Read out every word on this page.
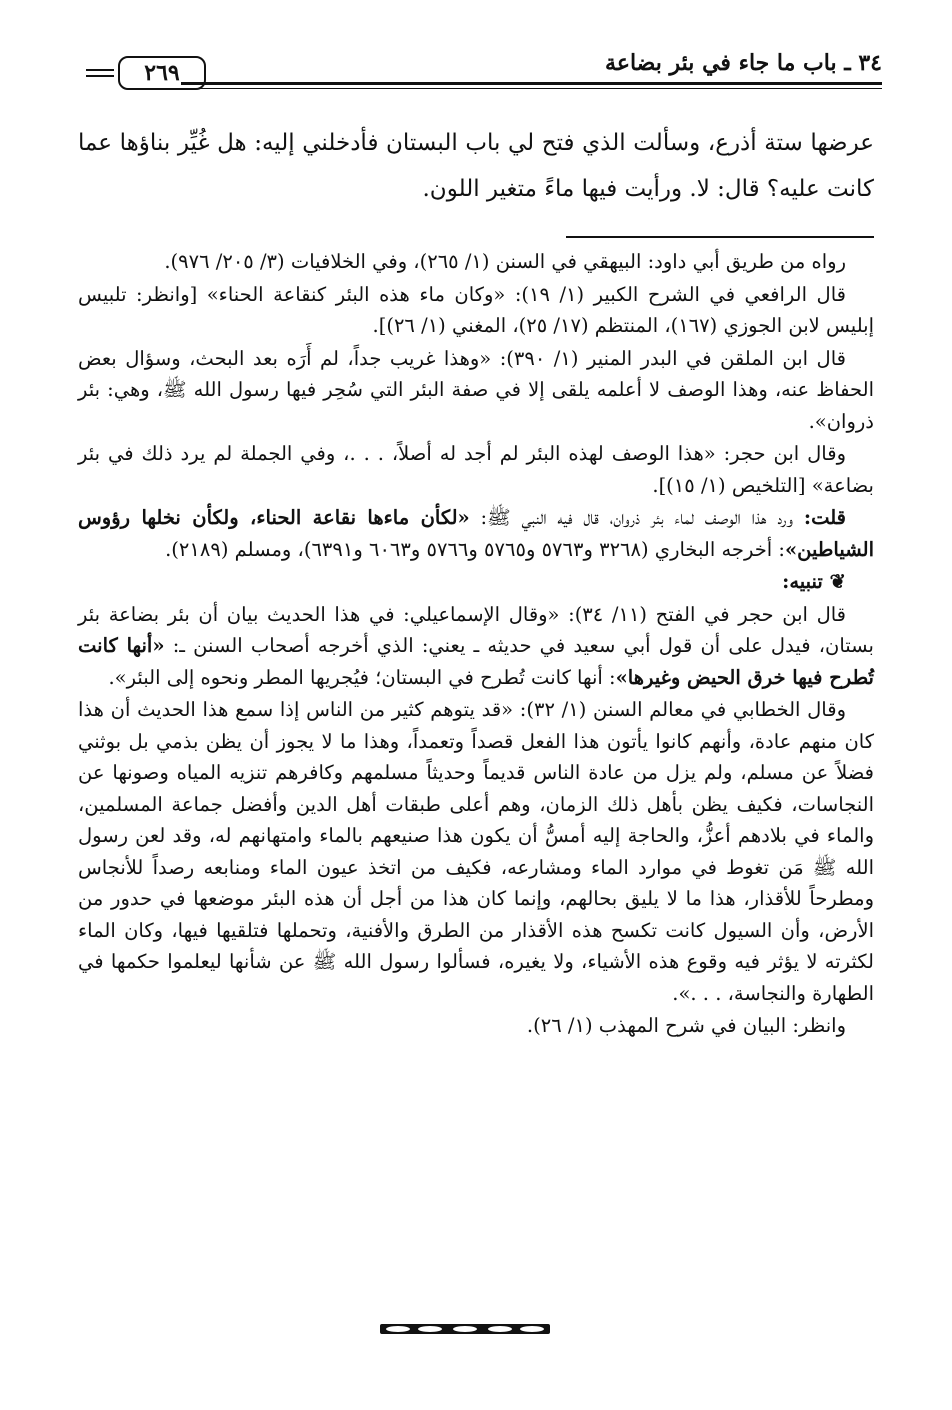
٣٤ ـ باب ما جاء في بئر بضاعة
٢٦٩

عرضها ستة أذرع، وسألت الذي فتح لي باب البستان فأدخلني إليه: هل غُيِّر بناؤها عما كانت عليه؟ قال: لا. ورأيت فيها ماءً متغير اللون.

رواه من طريق أبي داود: البيهقي في السنن (١/ ٢٦٥)، وفي الخلافيات (٣/ ٢٠٥/ ٩٧٦).

قال الرافعي في الشرح الكبير (١/ ١٩): «وكان ماء هذه البئر كنقاعة الحناء» [وانظر: تلبيس إبليس لابن الجوزي (١٦٧)، المنتظم (١٧/ ٢٥)، المغني (١/ ٢٦)].

قال ابن الملقن في البدر المنير (١/ ٣٩٠): «وهذا غريب جداً، لم أَرَه بعد البحث، وسؤال بعض الحفاظ عنه، وهذا الوصف لا أعلمه يلقى إلا في صفة البئر التي سُحِر فيها رسول الله ﷺ، وهي: بئر ذروان».

وقال ابن حجر: «هذا الوصف لهذه البئر لم أجد له أصلاً، . . .، وفي الجملة لم يرد ذلك في بئر بضاعة» [التلخيص (١/ ١٥)].

قلت: ورد هذا الوصف لماء بئر ذروان، قال فيه النبي ﷺ: «لكأن ماءها نقاعة الحناء، ولكأن نخلها رؤوس الشياطين»: أخرجه البخاري (٣٢٦٨ و٥٧٦٣ و٥٧٦٥ و٥٧٦٦ و٦٠٦٣ و٦٣٩١)، ومسلم (٢١٨٩).

❦ تنبيه:

قال ابن حجر في الفتح (١١/ ٣٤): «وقال الإسماعيلي: في هذا الحديث بيان أن بئر بضاعة بئر بستان، فيدل على أن قول أبي سعيد في حديثه ـ يعني: الذي أخرجه أصحاب السنن ـ: «أنها كانت تُطرح فيها خرق الحيض وغيرها»: أنها كانت تُطرح في البستان؛ فيُجريها المطر ونحوه إلى البئر».

وقال الخطابي في معالم السنن (١/ ٣٢): «قد يتوهم كثير من الناس إذا سمع هذا الحديث أن هذا كان منهم عادة، وأنهم كانوا يأتون هذا الفعل قصداً وتعمداً، وهذا ما لا يجوز أن يظن بذمي بل بوثني فضلاً عن مسلم، ولم يزل من عادة الناس قديماً وحديثاً مسلمهم وكافرهم تنزيه المياه وصونها عن النجاسات، فكيف يظن بأهل ذلك الزمان، وهم أعلى طبقات أهل الدين وأفضل جماعة المسلمين، والماء في بلادهم أعزُّ، والحاجة إليه أمسُّ أن يكون هذا صنيعهم بالماء وامتهانهم له، وقد لعن رسول الله ﷺ مَن تغوط في موارد الماء ومشارعه، فكيف من اتخذ عيون الماء ومنابعه رصداً للأنجاس ومطرحاً للأقذار، هذا ما لا يليق بحالهم، وإنما كان هذا من أجل أن هذه البئر موضعها في حدور من الأرض، وأن السيول كانت تكسح هذه الأقذار من الطرق والأفنية، وتحملها فتلقيها فيها، وكان الماء لكثرته لا يؤثر فيه وقوع هذه الأشياء، ولا يغيره، فسألوا رسول الله ﷺ عن شأنها ليعلموا حكمها في الطهارة والنجاسة، . . .».

وانظر: البيان في شرح المهذب (١/ ٢٦).
